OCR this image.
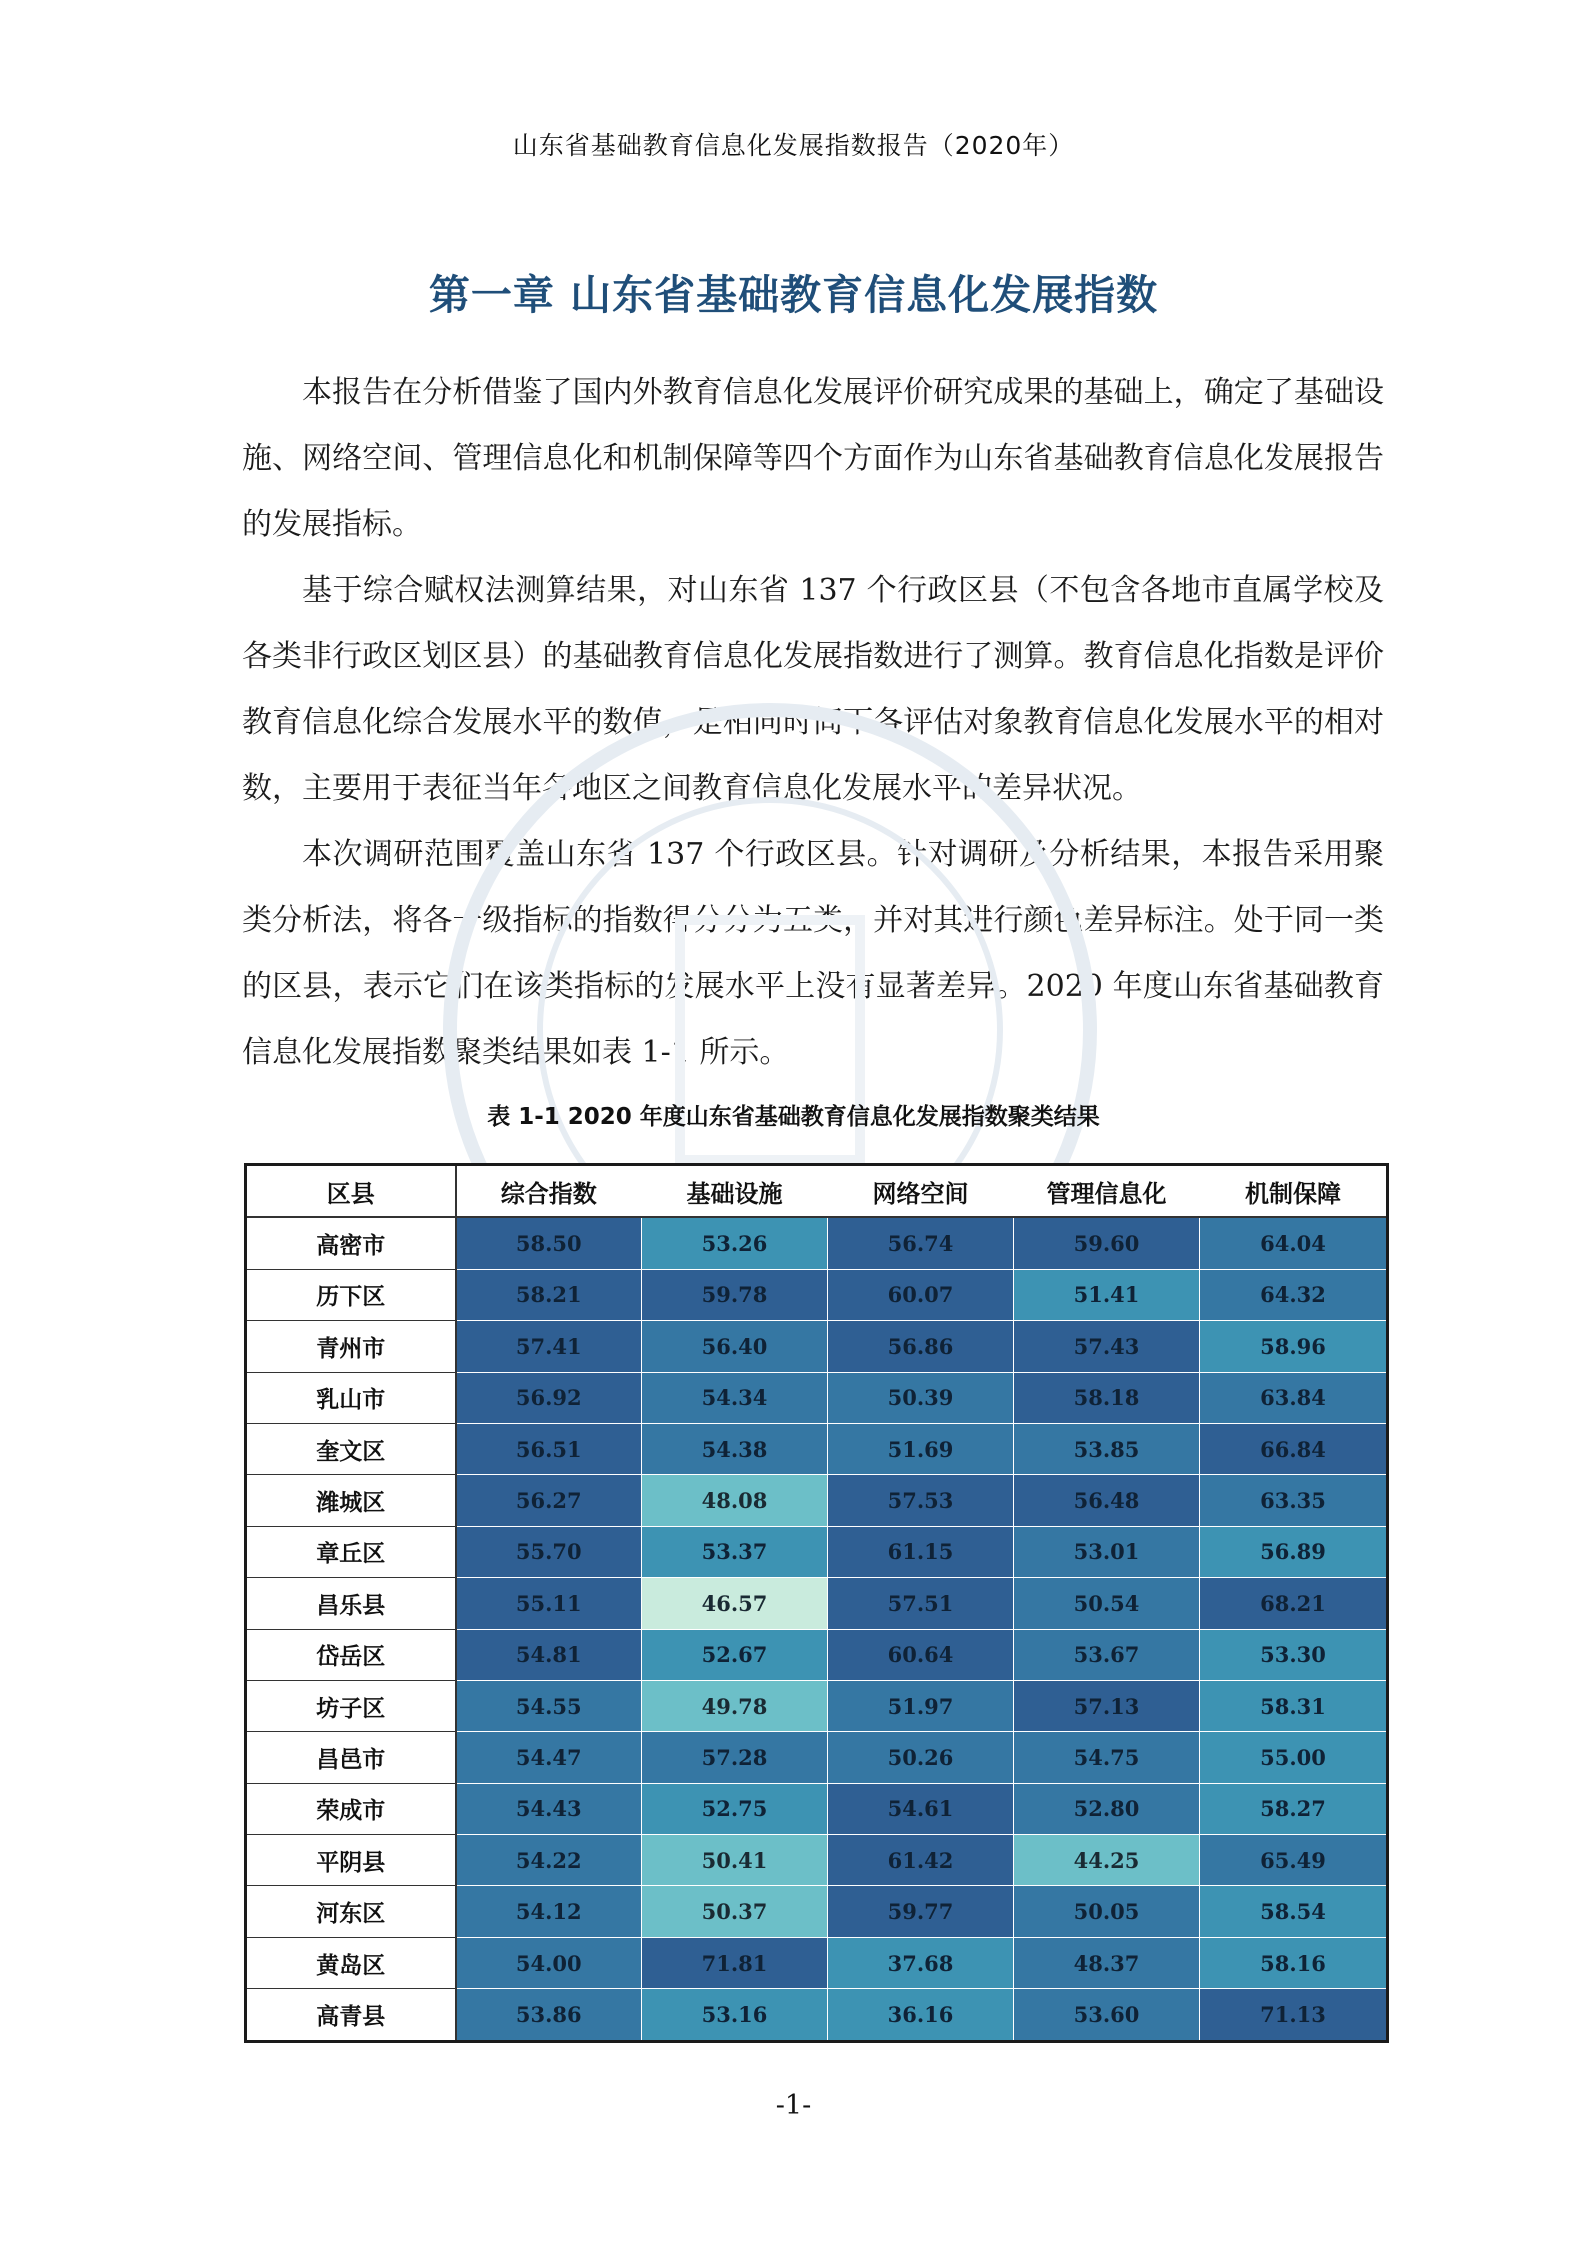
山东省基础教育信息化发展指数报告（2020年）
第一章 山东省基础教育信息化发展指数

本报告在分析借鉴了国内外教育信息化发展评价研究成果的基础上，确定了基础设施、网络空间、管理信息化和机制保障等四个方面作为山东省基础教育信息化发展报告的发展指标。

基于综合赋权法测算结果，对山东省 137 个行政区县（不包含各地市直属学校及各类非行政区划区县）的基础教育信息化发展指数进行了测算。教育信息化指数是评价教育信息化综合发展水平的数值，是相同时间下各评估对象教育信息化发展水平的相对数，主要用于表征当年各地区之间教育信息化发展水平的差异状况。

本次调研范围覆盖山东省 137 个行政区县。针对调研及分析结果，本报告采用聚类分析法，将各一级指标的指数得分分为五类，并对其进行颜色差异标注。处于同一类的区县，表示它们在该类指标的发展水平上没有显著差异。2020 年度山东省基础教育信息化发展指数聚类结果如表 1-1 所示。

表 1-1 2020 年度山东省基础教育信息化发展指数聚类结果
区县	综合指数	基础设施	网络空间	管理信息化	机制保障
高密市	58.50	53.26	56.74	59.60	64.04
历下区	58.21	59.78	60.07	51.41	64.32
青州市	57.41	56.40	56.86	57.43	58.96
乳山市	56.92	54.34	50.39	58.18	63.84
奎文区	56.51	54.38	51.69	53.85	66.84
潍城区	56.27	48.08	57.53	56.48	63.35
章丘区	55.70	53.37	61.15	53.01	56.89
昌乐县	55.11	46.57	57.51	50.54	68.21
岱岳区	54.81	52.67	60.64	53.67	53.30
坊子区	54.55	49.78	51.97	57.13	58.31
昌邑市	54.47	57.28	50.26	54.75	55.00
荣成市	54.43	52.75	54.61	52.80	58.27
平阴县	54.22	50.41	61.42	44.25	65.49
河东区	54.12	50.37	59.77	50.05	58.54
黄岛区	54.00	71.81	37.68	48.37	58.16
高青县	53.86	53.16	36.16	53.60	71.13
-1-
